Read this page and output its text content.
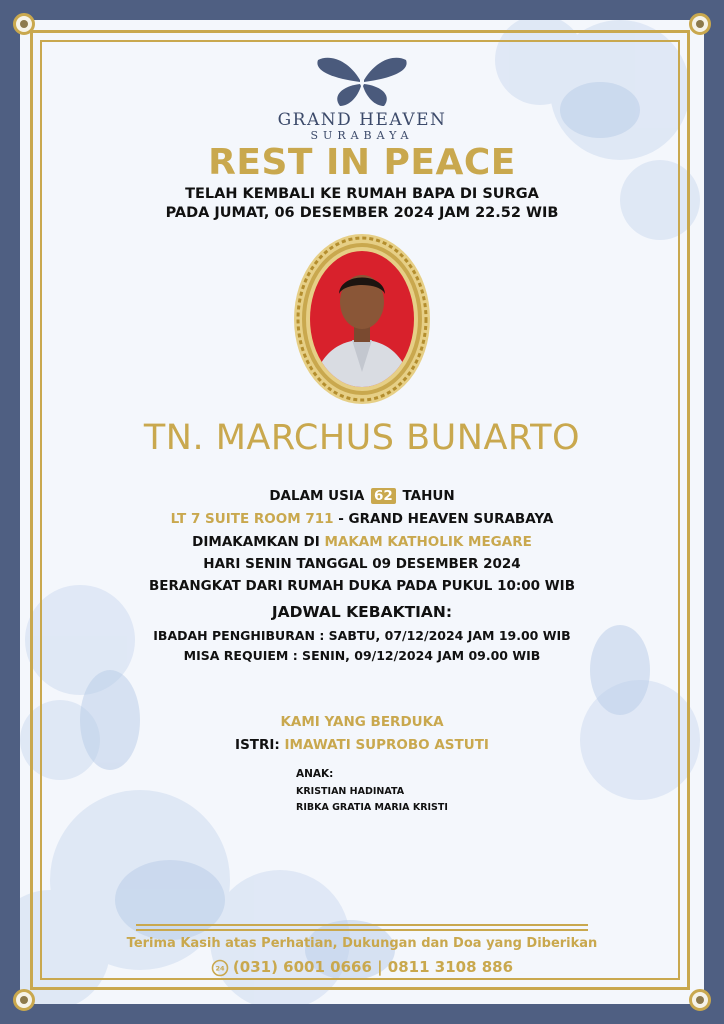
GRAND HEAVEN
SURABAYA
REST IN PEACE
TELAH KEMBALI KE RUMAH BAPA DI SURGA
PADA JUMAT, 06 DESEMBER 2024 JAM 22.52 WIB
TN. MARCHUS BUNARTO
DALAM USIA 62 TAHUN
LT 7 SUITE ROOM 711 - GRAND HEAVEN SURABAYA
DIMAKAMKAN DI MAKAM KATHOLIK MEGARE
HARI SENIN TANGGAL 09 DESEMBER 2024
BERANGKAT DARI RUMAH DUKA PADA PUKUL 10:00 WIB
JADWAL KEBAKTIAN:
IBADAH PENGHIBURAN : SABTU, 07/12/2024 JAM 19.00 WIB
MISA REQUIEM : SENIN, 09/12/2024 JAM 09.00 WIB
KAMI YANG BERDUKA
ISTRI: IMAWATI SUPROBO ASTUTI
ANAK:
KRISTIAN HADINATA
RIBKA GRATIA MARIA KRISTI
Terima Kasih atas Perhatian, Dukungan dan Doa yang Diberikan
24 (031) 6001 0666 | 0811 3108 886
